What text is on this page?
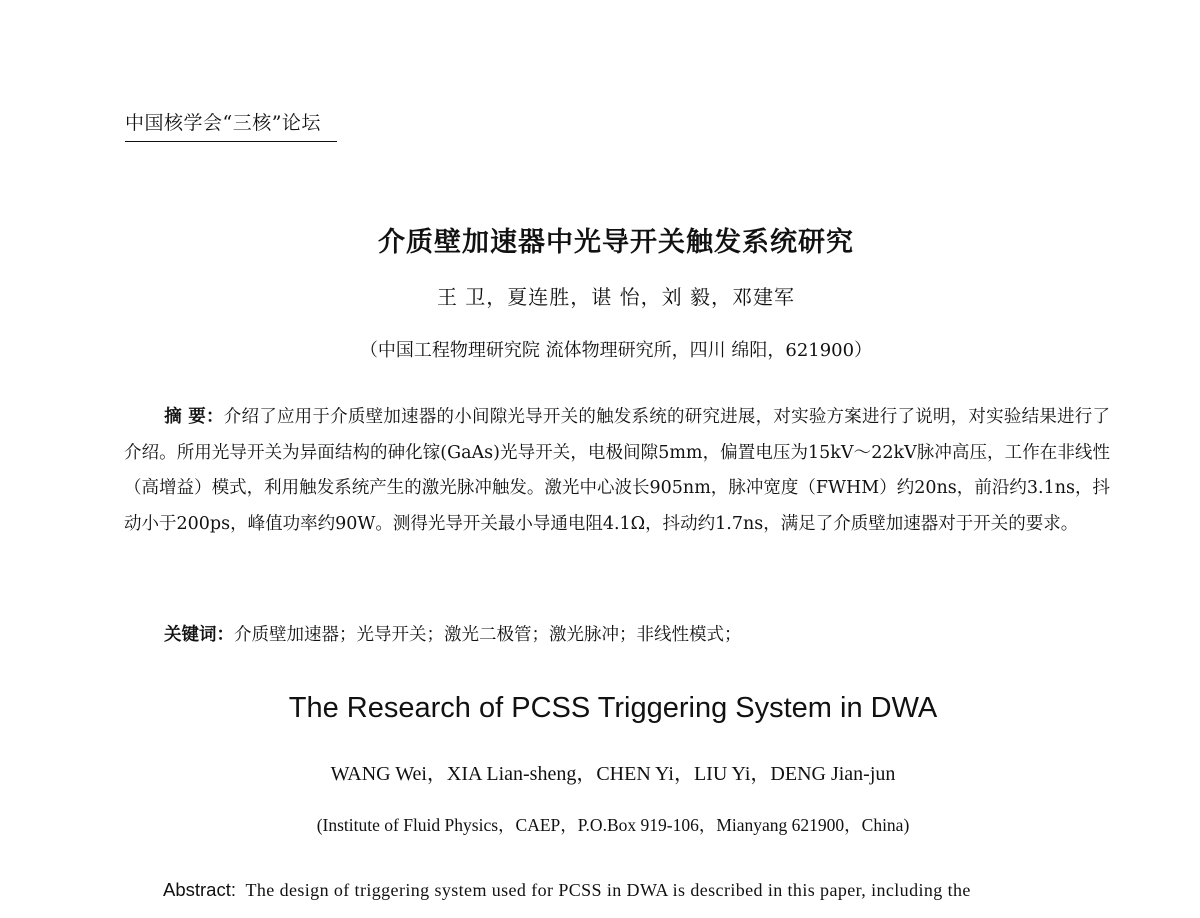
中国核学会“三核”论坛
介质壁加速器中光导开关触发系统研究
王 卫，夏连胜，谌 怡，刘 毅，邓建军
（中国工程物理研究院 流体物理研究所，四川 绵阳，621900）
摘 要：介绍了应用于介质壁加速器的小间隙光导开关的触发系统的研究进展，对实验方案进行了说明，对实验结果进行了介绍。所用光导开关为异面结构的砷化镓(GaAs)光导开关，电极间隙5mm，偏置电压为15kV～22kV脉冲高压，工作在非线性（高增益）模式，利用触发系统产生的激光脉冲触发。激光中心波长905nm，脉冲宽度（FWHM）约20ns，前沿约3.1ns，抖动小于200ps，峰值功率约90W。测得光导开关最小导通电阻4.1Ω，抖动约1.7ns，满足了介质壁加速器对于开关的要求。
关键词：介质壁加速器；光导开关；激光二极管；激光脉冲；非线性模式；
The Research of PCSS Triggering System in DWA
WANG Wei，XIA Lian-sheng，CHEN Yi，LIU Yi，DENG Jian-jun
(Institute of Fluid Physics，CAEP，P.O.Box 919-106，Mianyang 621900，China)
Abstract: The design of triggering system used for PCSS in DWA is described in this paper, including the
